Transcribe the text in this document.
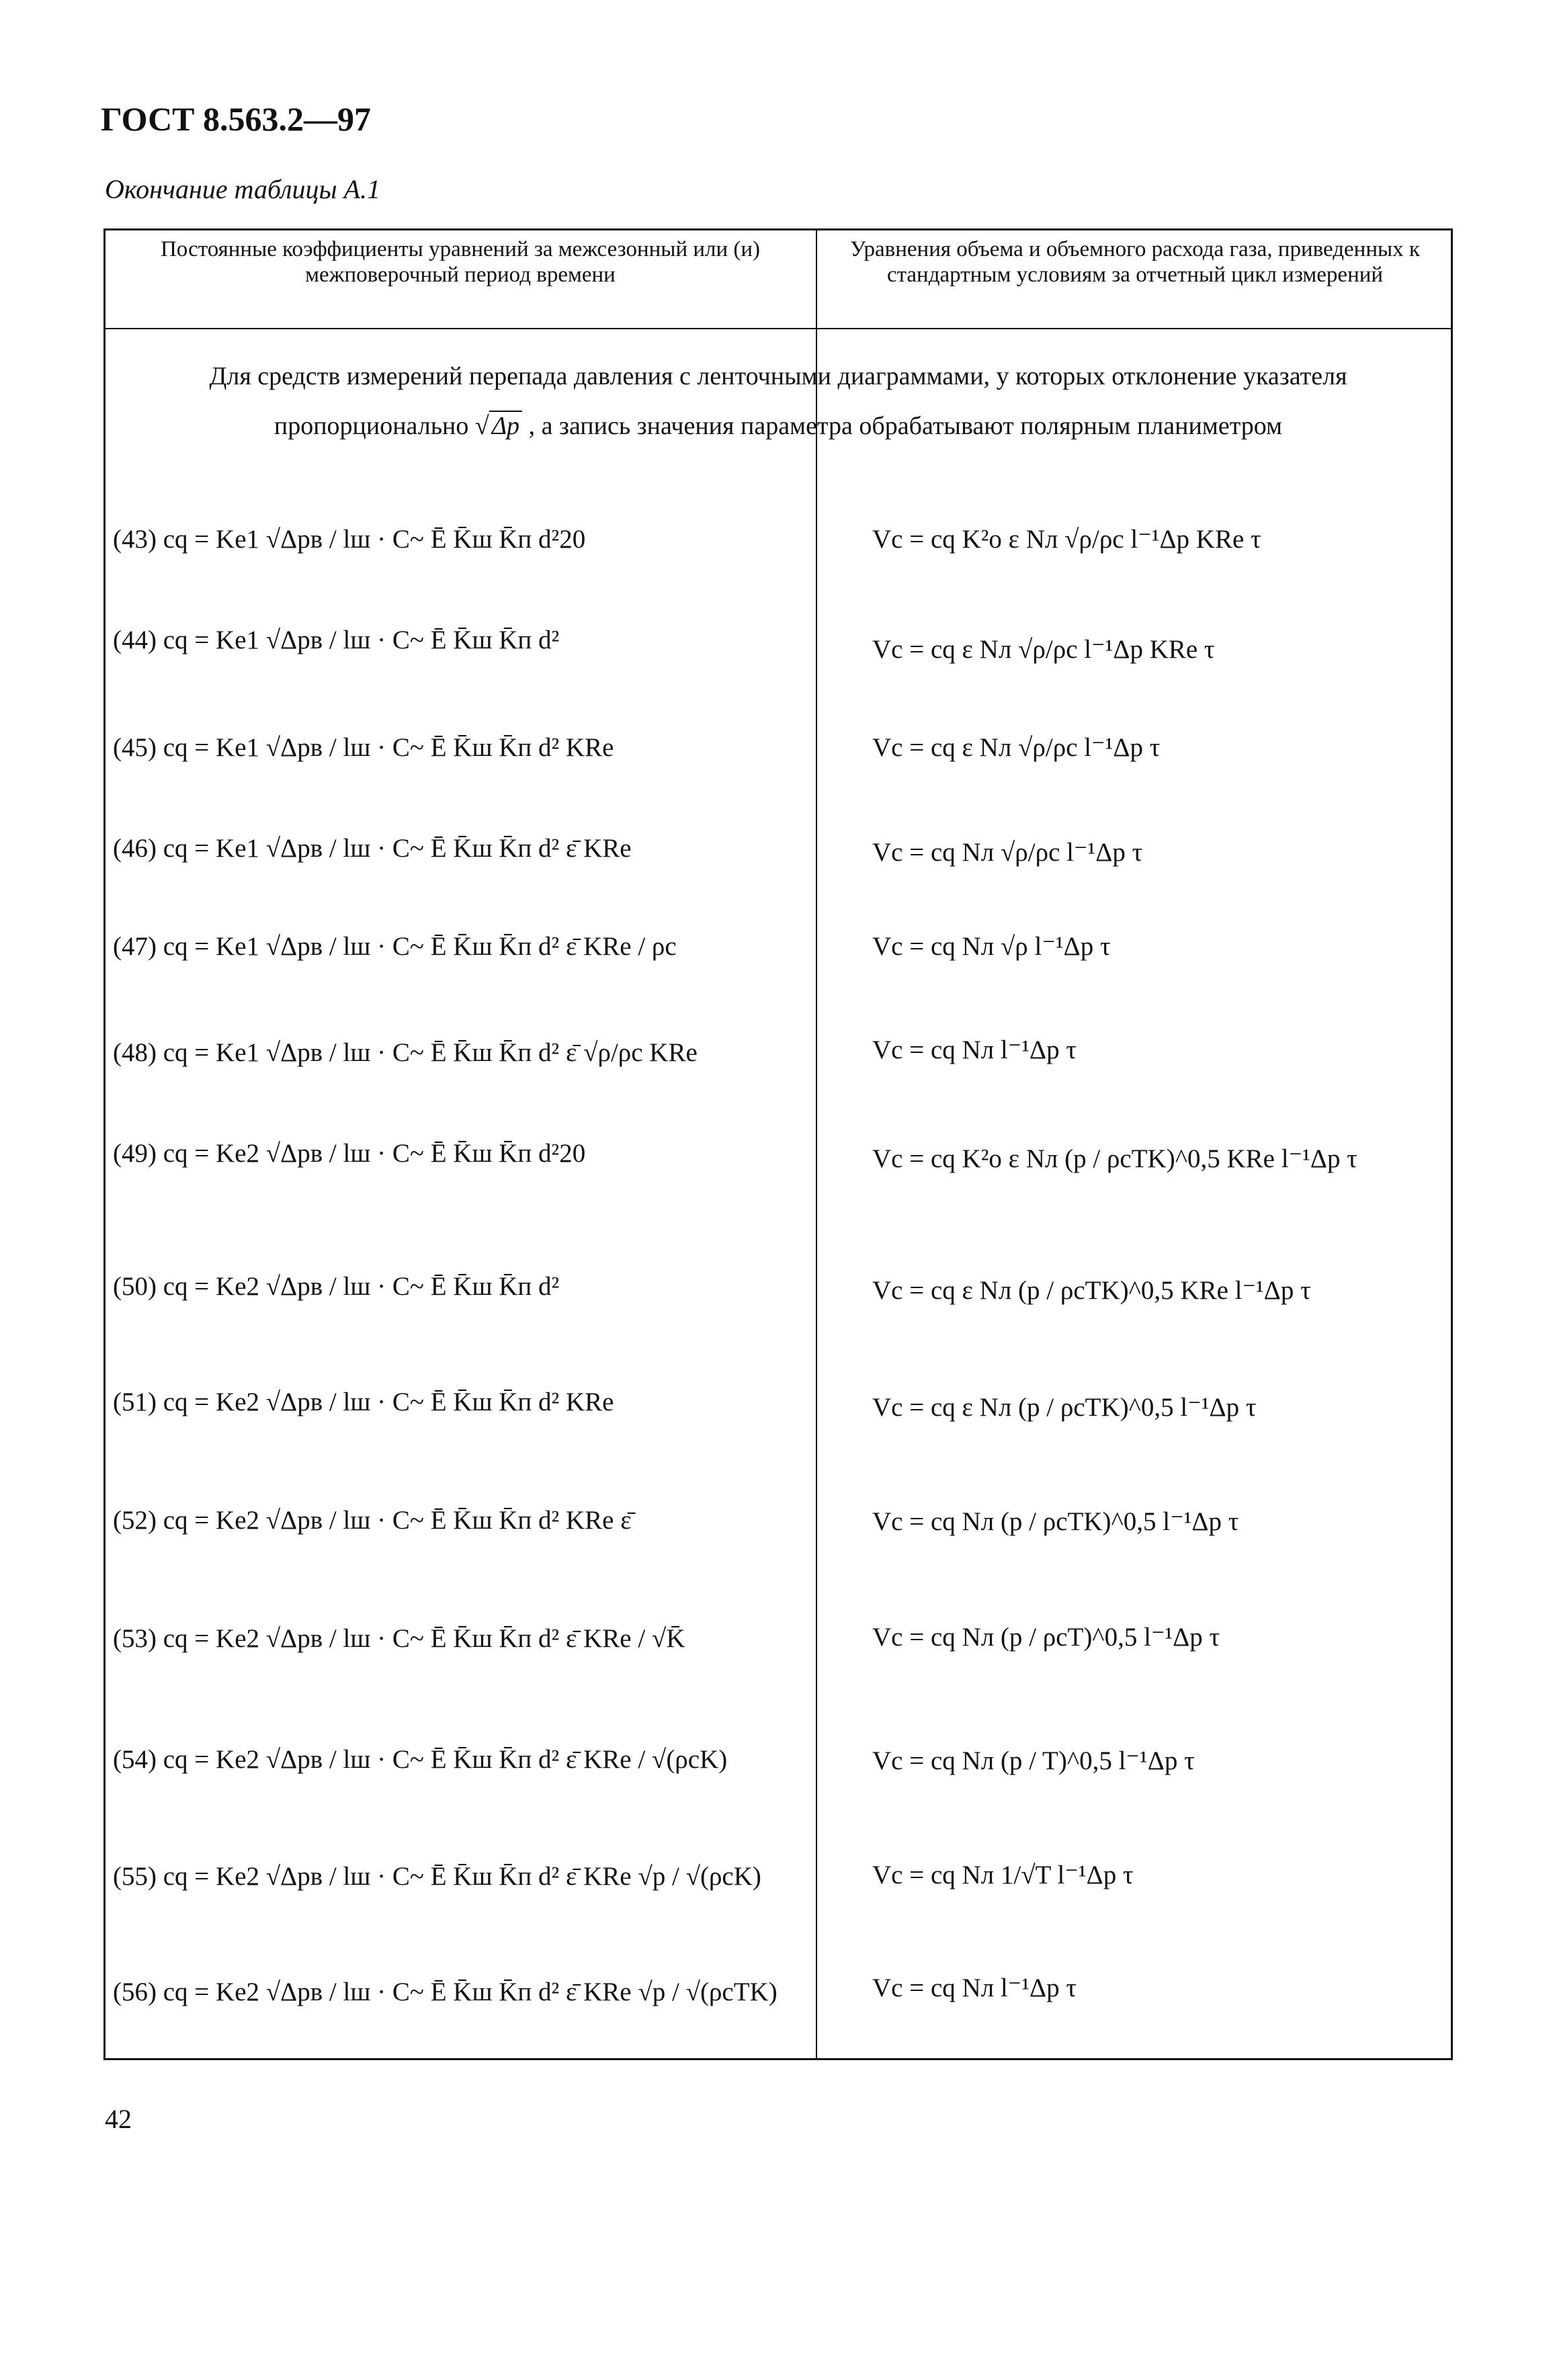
ГОСТ 8.563.2—97
Окончание таблицы А.1
Постоянные коэффициенты уравнений за межсезонный или (и) межповерочный период времени
Уравнения объема и объемного расхода газа, приведенных к стандартным условиям за отчетный цикл измерений
Для средств измерений перепада давления с ленточными диаграммами, у которых отклонение указателя
пропорционально √ Δp , а запись значения параметра обрабатывают полярным планиметром
(43) cq = Ke1 √Δpв / lш · C~ Ē K̄ш K̄п d²20
(44) cq = Ke1 √Δpв / lш · C~ Ē K̄ш K̄п d²
(45) cq = Ke1 √Δpв / lш · C~ Ē K̄ш K̄п d² KRe
(46) cq = Ke1 √Δpв / lш · C~ Ē K̄ш K̄п d² ε̄ KRe
(47) cq = Ke1 √Δpв / lш · C~ Ē K̄ш K̄п d² ε̄ KRe / ρc
(48) cq = Ke1 √Δpв / lш · C~ Ē K̄ш K̄п d² ε̄ √ρ/ρc KRe
(49) cq = Ke2 √Δpв / lш · C~ Ē K̄ш K̄п d²20
(50) cq = Ke2 √Δpв / lш · C~ Ē K̄ш K̄п d²
(51) cq = Ke2 √Δpв / lш · C~ Ē K̄ш K̄п d² KRe
(52) cq = Ke2 √Δpв / lш · C~ Ē K̄ш K̄п d² KRe ε̄
(53) cq = Ke2 √Δpв / lш · C~ Ē K̄ш K̄п d² ε̄ KRe / √K̄
(54) cq = Ke2 √Δpв / lш · C~ Ē K̄ш K̄п d² ε̄ KRe / √(ρcK)
(55) cq = Ke2 √Δpв / lш · C~ Ē K̄ш K̄п d² ε̄ KRe √p / √(ρcK)
(56) cq = Ke2 √Δpв / lш · C~ Ē K̄ш K̄п d² ε̄ KRe √p / √(ρcTK)
Vc = cq K²o ε Nл √ρ/ρc l⁻¹Δp KRe τ
Vc = cq ε Nл √ρ/ρc l⁻¹Δp KRe τ
Vc = cq ε Nл √ρ/ρc l⁻¹Δp τ
Vc = cq Nл √ρ/ρc l⁻¹Δp τ
Vc = cq Nл √ρ l⁻¹Δp τ
Vc = cq Nл l⁻¹Δp τ
Vc = cq K²o ε Nл (p / ρcTK)^0,5 KRe l⁻¹Δp τ
Vc = cq ε Nл (p / ρcTK)^0,5 KRe l⁻¹Δp τ
Vc = cq ε Nл (p / ρcTK)^0,5 l⁻¹Δp τ
Vc = cq Nл (p / ρcTK)^0,5 l⁻¹Δp τ
Vc = cq Nл (p / ρcT)^0,5 l⁻¹Δp τ
Vc = cq Nл (p / T)^0,5 l⁻¹Δp τ
Vc = cq Nл 1/√T l⁻¹Δp τ
Vc = cq Nл l⁻¹Δp τ
42
